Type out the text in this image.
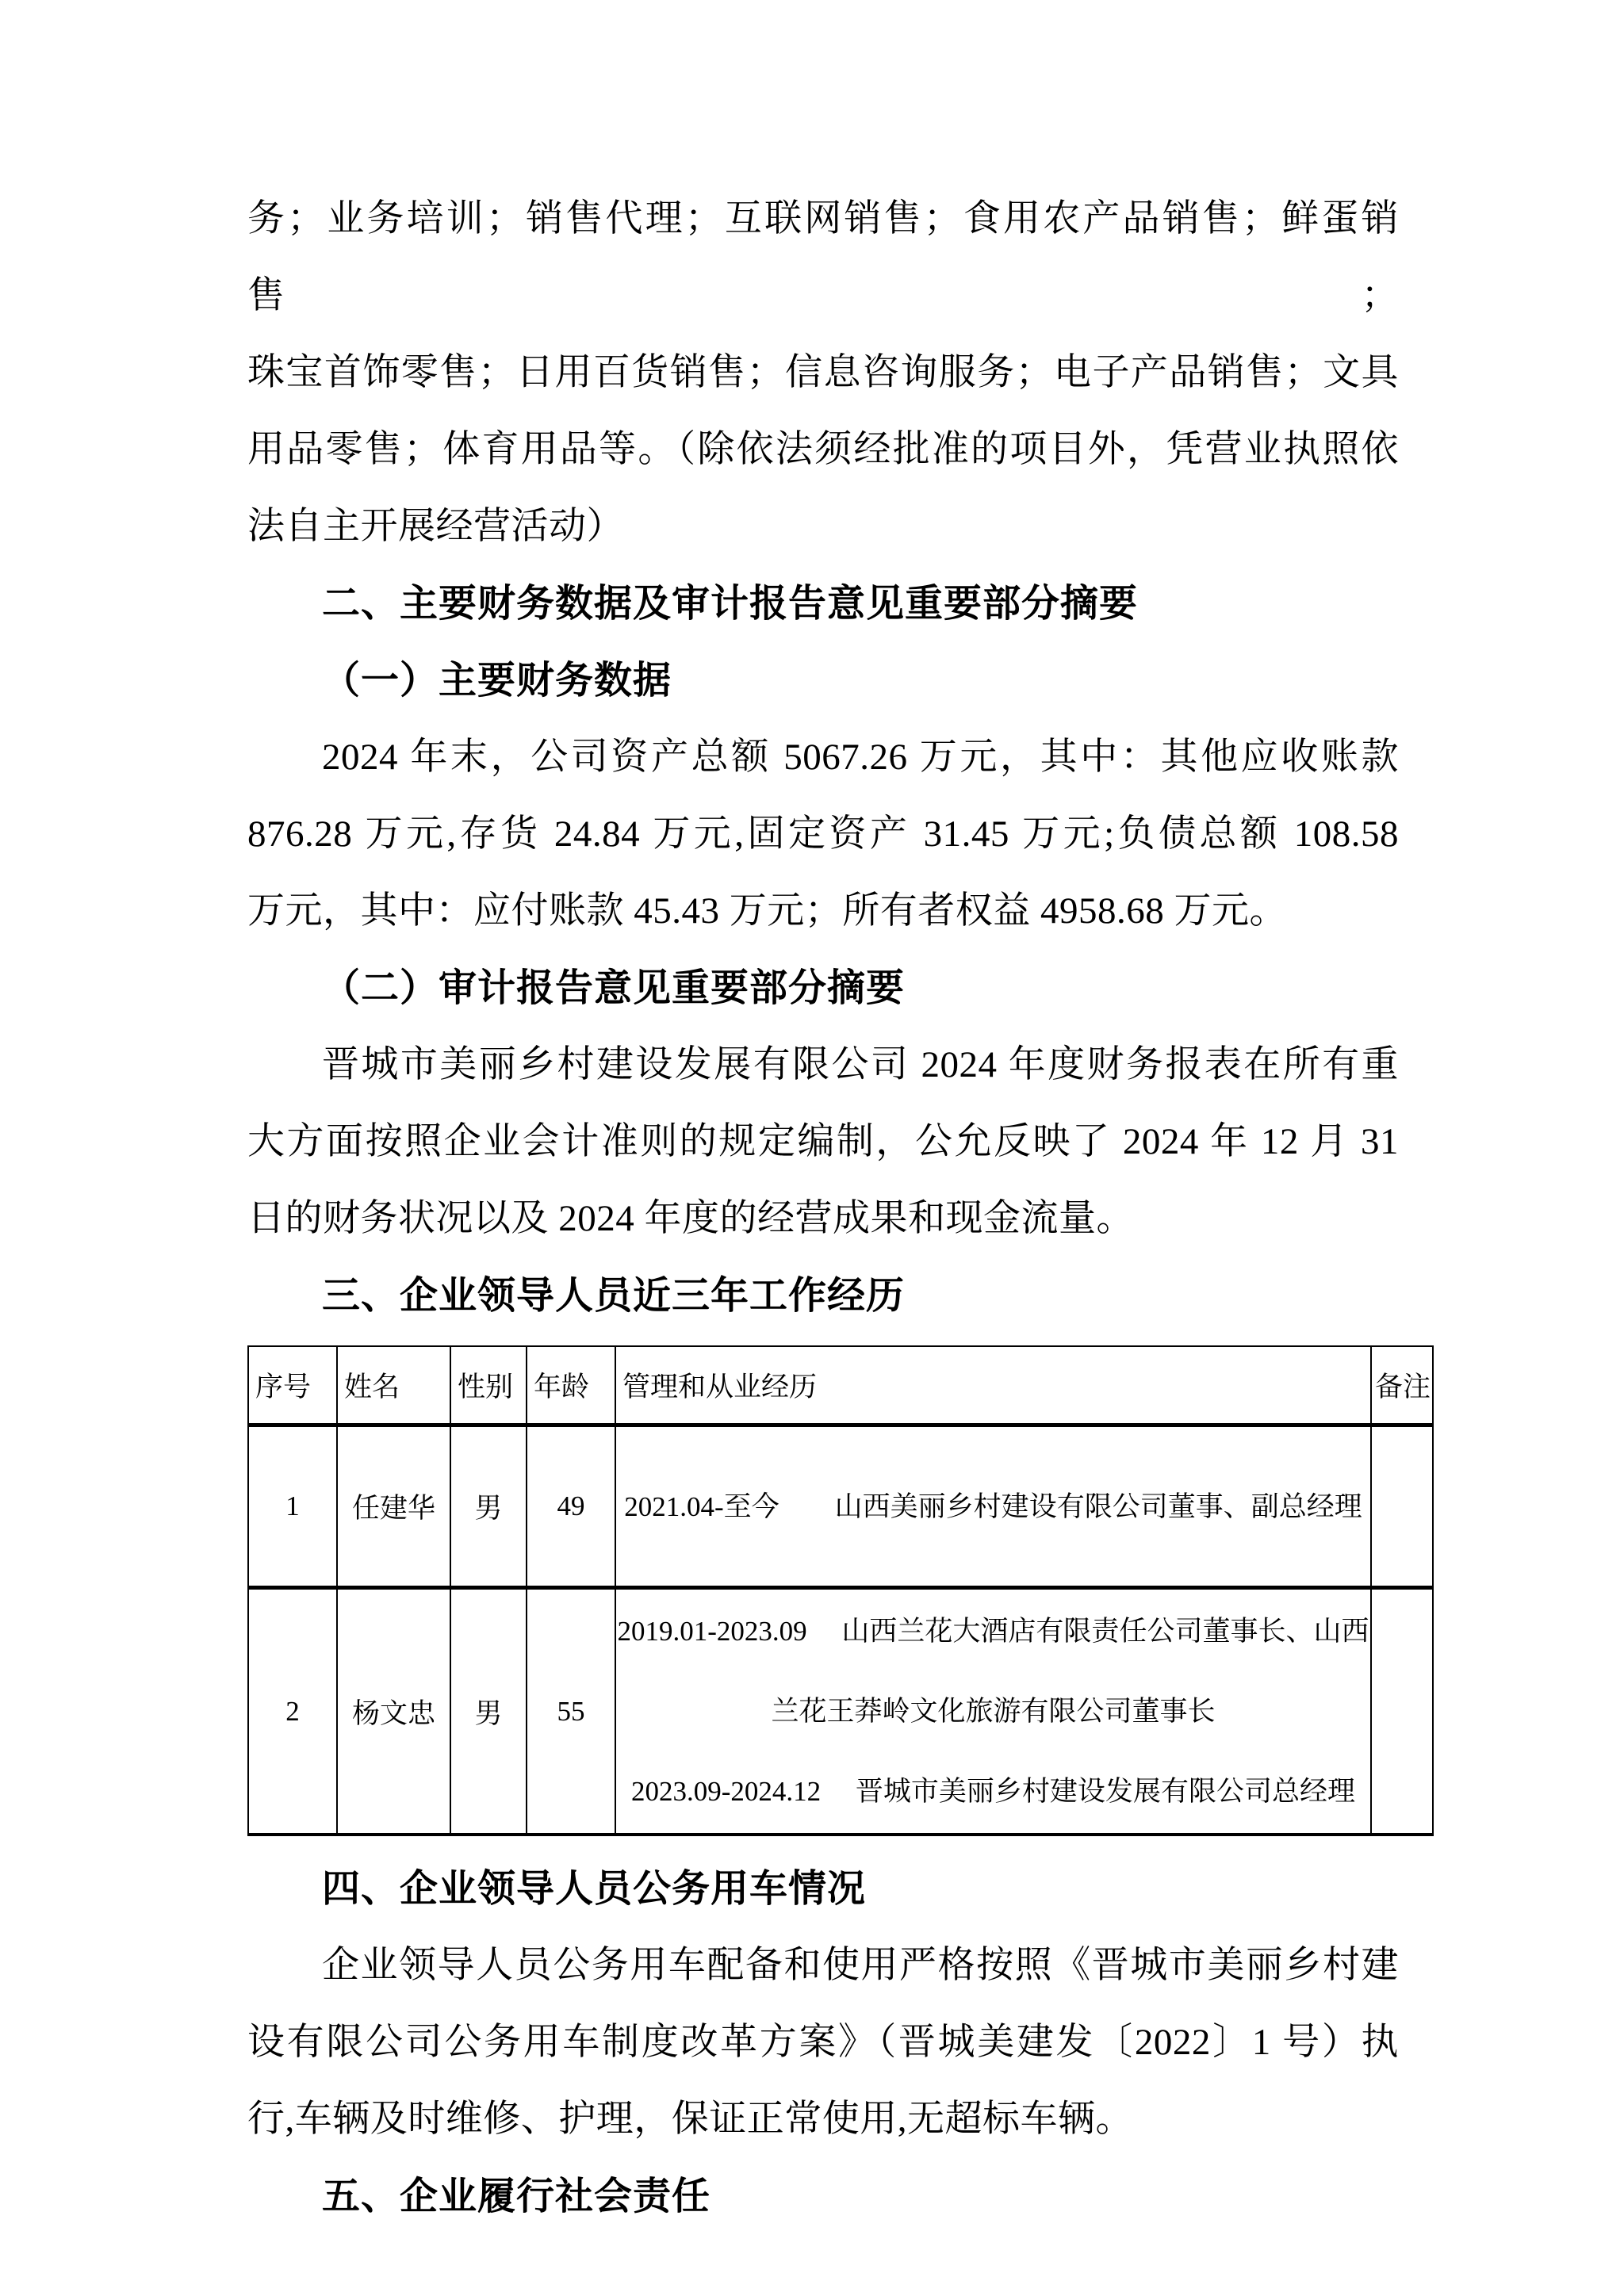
务；业务培训；销售代理；互联网销售；食用农产品销售；鲜蛋销售；
珠宝首饰零售；日用百货销售；信息咨询服务；电子产品销售；文具
用品零售；体育用品等。（除依法须经批准的项目外，凭营业执照依
法自主开展经营活动）
二、主要财务数据及审计报告意见重要部分摘要
（一）主要财务数据
2024 年末，公司资产总额 5067.26 万元，其中：其他应收账款
876.28 万元,存货 24.84 万元,固定资产 31.45 万元;负债总额 108.58
万元，其中：应付账款 45.43 万元；所有者权益 4958.68 万元。
（二）审计报告意见重要部分摘要
晋城市美丽乡村建设发展有限公司 2024 年度财务报表在所有重
大方面按照企业会计准则的规定编制，公允反映了 2024 年 12 月 31
日的财务状况以及 2024 年度的经营成果和现金流量。
三、企业领导人员近三年工作经历
序号	姓名	性别	年龄	管理和从业经历	备注
1	任建华	男	49	2021.04-至今　　山西美丽乡村建设有限公司董事、副总经理	

2	杨文忠	男	55	2019.01-2023.09　 山西兰花大酒店有限责任公司董事长、山西
兰花王莽岭文化旅游有限公司董事长
2023.09-2024.12　 晋城市美丽乡村建设发展有限公司总经理	

四、企业领导人员公务用车情况
企业领导人员公务用车配备和使用严格按照《晋城市美丽乡村建
设有限公司公务用车制度改革方案》（晋城美建发〔2022〕1 号）执
行,车辆及时维修、护理，保证正常使用,无超标车辆。
五、企业履行社会责任
